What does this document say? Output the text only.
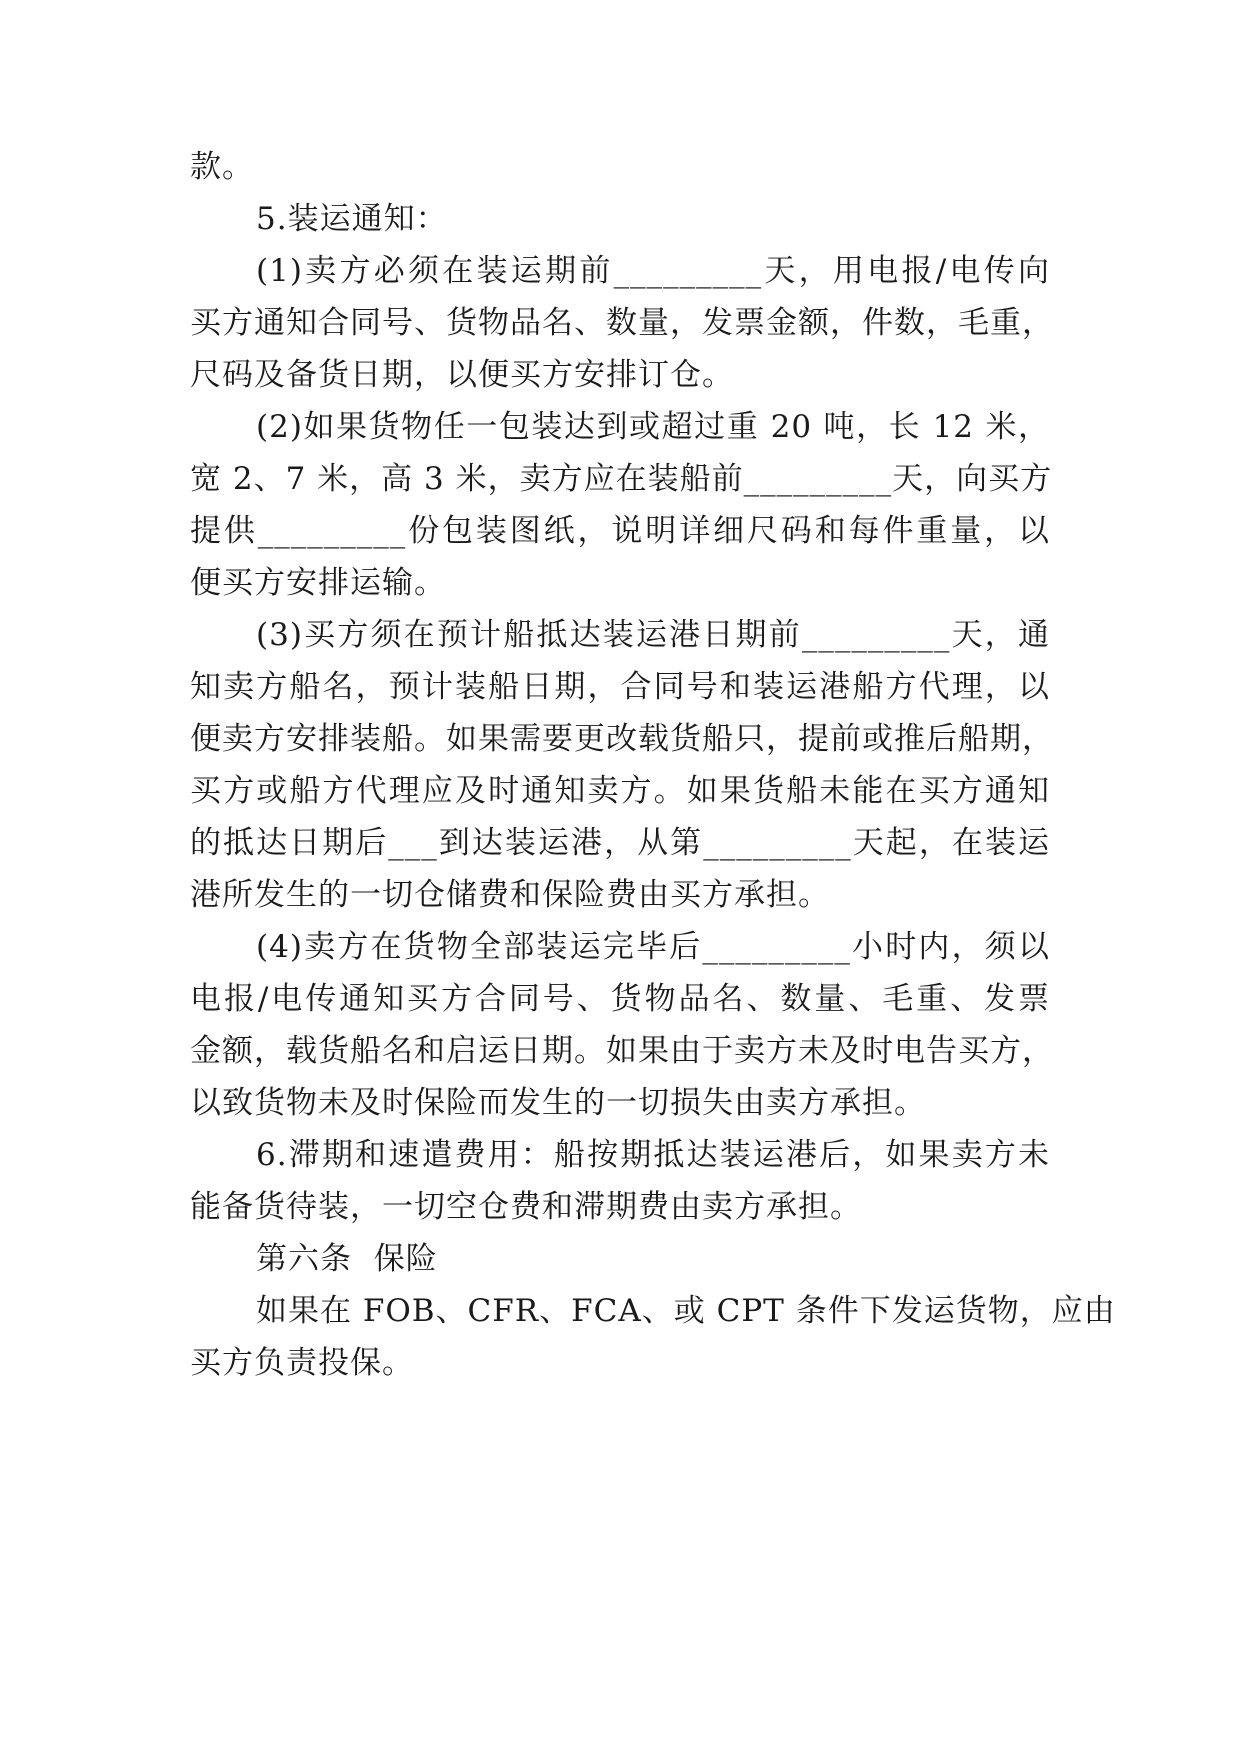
款。
5.装运通知：
(1)卖方必须在装运期前_________天，用电报/电传向
买方通知合同号、货物品名、数量，发票金额，件数，毛重，
尺码及备货日期，以便买方安排订仓。
(2)如果货物任一包装达到或超过重 20 吨，长 12 米，
宽 2、7 米，高 3 米，卖方应在装船前_________天，向买方
提供_________份包装图纸，说明详细尺码和每件重量，以
便买方安排运输。
(3)买方须在预计船抵达装运港日期前_________天，通
知卖方船名，预计装船日期，合同号和装运港船方代理，以
便卖方安排装船。如果需要更改载货船只，提前或推后船期，
买方或船方代理应及时通知卖方。如果货船未能在买方通知
的抵达日期后___到达装运港，从第_________天起，在装运
港所发生的一切仓储费和保险费由买方承担。
(4)卖方在货物全部装运完毕后_________小时内，须以
电报/电传通知买方合同号、货物品名、数量、毛重、发票
金额，载货船名和启运日期。如果由于卖方未及时电告买方，
以致货物未及时保险而发生的一切损失由卖方承担。
6.滞期和速遣费用：船按期抵达装运港后，如果卖方未
能备货待装，一切空仓费和滞期费由卖方承担。
第六条  保险
如果在 FOB、CFR、FCA、或 CPT 条件下发运货物，应由
买方负责投保。
